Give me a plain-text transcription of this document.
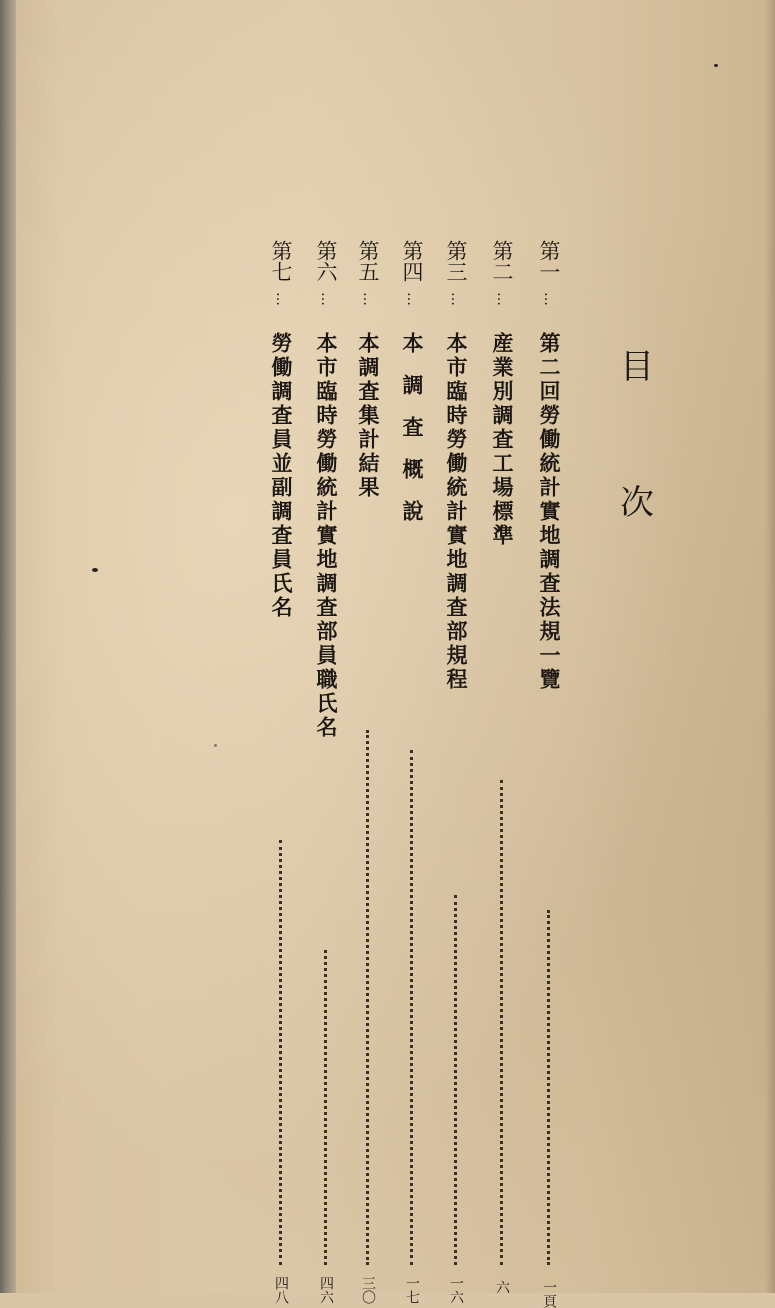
目
次
第一
…
第二回勞働統計實地調査法規一覽
一頁
第二
…
産業別調査工場標準
六
第三
…
本市臨時勞働統計實地調査部規程
一六
第四
…
本　調　査　概　說
一七
第五
…
本調査集計結果
三〇
第六
…
本市臨時勞働統計實地調査部員職氏名
四六
第七
…
勞働調査員並副調査員氏名
四八
